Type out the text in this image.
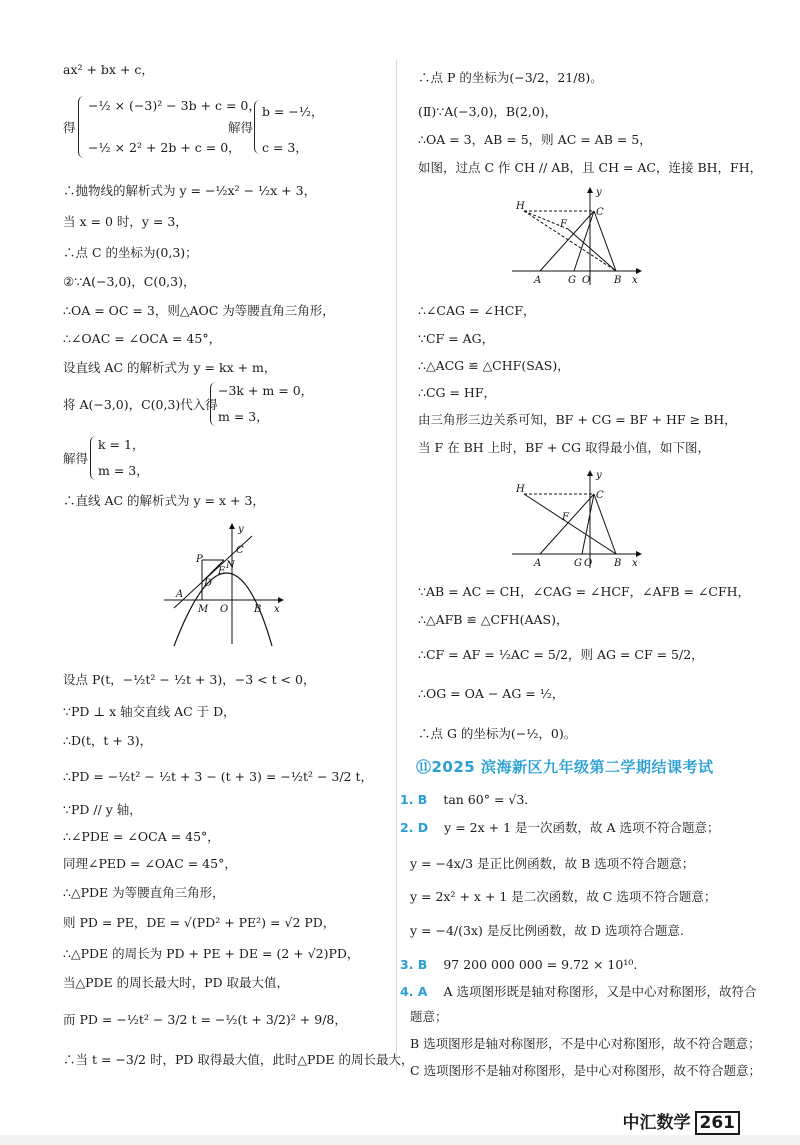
ax² + bx + c，
得
−½ × (−3)² − 3b + c = 0，
−½ × 2² + 2b + c = 0，
解得
b = −½，
c = 3，
∴抛物线的解析式为 y = −½x² − ½x + 3，
当 x = 0 时，y = 3，
∴点 C 的坐标为(0,3)；
②∵A(−3,0)，C(0,3)，
∴OA = OC = 3，则△AOC 为等腰直角三角形，
∴∠OAC = ∠OCA = 45°，
设直线 AC 的解析式为 y = kx + m，
将 A(−3,0)，C(0,3)代入得
−3k + m = 0，
m = 3，
解得
k = 1，
m = 3，
∴直线 AC 的解析式为 y = x + 3，
P
C
N
E
D
A
M O	B x
y
设点 P(t，−½t² − ½t + 3)，−3 < t < 0，
∵PD ⊥ x 轴交直线 AC 于 D，
∴D(t，t + 3)，
∴PD = −½t² − ½t + 3 − (t + 3) = −½t² − 3/2 t，
∵PD // y 轴，
∴∠PDE = ∠OCA = 45°，
同理∠PED = ∠OAC = 45°，
∴△PDE 为等腰直角三角形，
则 PD = PE，DE = √(PD² + PE²) = √2 PD，
∴△PDE 的周长为 PD + PE + DE = (2 + √2)PD，
当△PDE 的周长最大时，PD 取最大值，
而 PD = −½t² − 3/2 t = −½(t + 3/2)² + 9/8，
∴当 t = −3/2 时，PD 取得最大值，此时△PDE 的周长最大，
∴点 P 的坐标为(−3/2，21/8)。
(Ⅱ)∵A(−3,0)，B(2,0)，
∴OA = 3，AB = 5，则 AC = AB = 5，
如图，过点 C 作 CH // AB，且 CH = AC，连接 BH，FH，
H
C
F
A	G O B x
y
∴∠CAG = ∠HCF，
∵CF = AG，
∴△ACG ≌ △CHF(SAS)，
∴CG = HF，
由三角形三边关系可知，BF + CG = BF + HF ≥ BH，
当 F 在 BH 上时，BF + CG 取得最小值，如下图，
H
C
F
A	G O B x
y
∵AB = AC = CH，∠CAG = ∠HCF，∠AFB = ∠CFH，
∴△AFB ≌ △CFH(AAS)，
∴CF = AF = ½AC = 5/2，则 AG = CF = 5/2，
∴OG = OA − AG = ½，
∴点 G 的坐标为(−½，0)。
⑪2025 滨海新区九年级第二学期结课考试
1. B tan 60° = √3.
2. D y = 2x + 1 是一次函数，故 A 选项不符合题意；
y = −4x/3 是正比例函数，故 B 选项不符合题意；
y = 2x² + x + 1 是二次函数，故 C 选项不符合题意；
y = −4/(3x) 是反比例函数，故 D 选项符合题意.
3. B 97 200 000 000 = 9.72 × 10¹⁰.
4. A A 选项图形既是轴对称图形，又是中心对称图形，故符合
题意；
B 选项图形是轴对称图形，不是中心对称图形，故不符合题意；
C 选项图形不是轴对称图形，是中心对称图形，故不符合题意；
中汇数学 261
